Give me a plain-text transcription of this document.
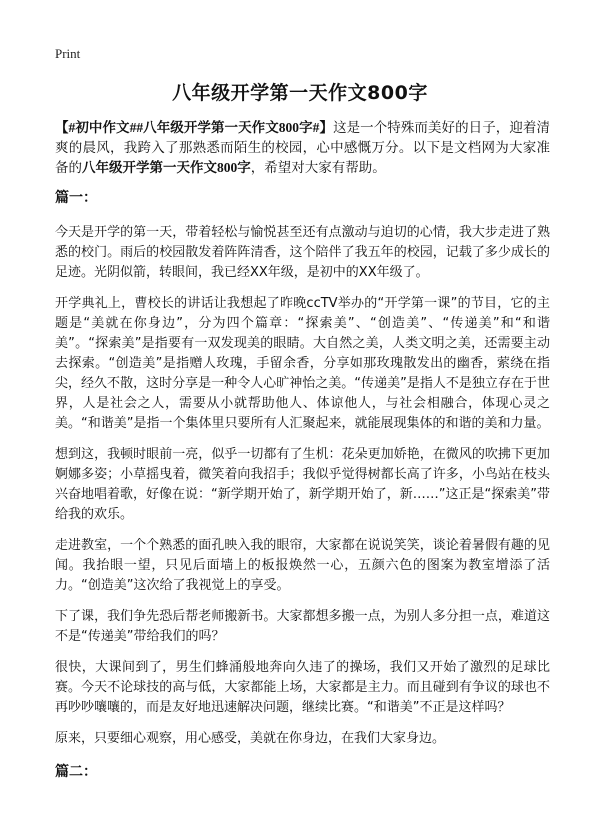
Print
八年级开学第一天作文800字

【#初中作文##八年级开学第一天作文800字#】这是一个特殊而美好的日子，迎着清爽的晨风，我跨入了那熟悉而陌生的校园，心中感慨万分。以下是文档网为大家准备的八年级开学第一天作文800字，希望对大家有帮助。

篇一：

今天是开学的第一天，带着轻松与愉悦甚至还有点激动与迫切的心情，我大步走进了熟悉的校门。雨后的校园散发着阵阵清香，这个陪伴了我五年的校园，记载了多少成长的足迹。光阴似箭，转眼间，我已经XX年级，是初中的XX年级了。

开学典礼上，曹校长的讲话让我想起了昨晚ccTV举办的“开学第一课”的节目，它的主题是“美就在你身边”，分为四个篇章：“探索美”、“创造美”、“传递美”和“和谐美”。“探索美”是指要有一双发现美的眼睛。大自然之美，人类文明之美，还需要主动去探索。“创造美”是指赠人玫瑰，手留余香，分享如那玫瑰散发出的幽香，萦绕在指尖，经久不散，这时分享是一种令人心旷神怡之美。“传递美”是指人不是独立存在于世界，人是社会之人，需要从小就帮助他人、体谅他人，与社会相融合，体现心灵之美。“和谐美”是指一个集体里只要所有人汇聚起来，就能展现集体的和谐的美和力量。

想到这，我顿时眼前一亮，似乎一切都有了生机：花朵更加娇艳，在微风的吹拂下更加婀娜多姿；小草摇曳着，微笑着向我招手；我似乎觉得树都长高了许多，小鸟站在枝头兴奋地唱着歌，好像在说：“新学期开始了，新学期开始了，新……”这正是“探索美”带给我的欢乐。

走进教室，一个个熟悉的面孔映入我的眼帘，大家都在说说笑笑，谈论着暑假有趣的见闻。我抬眼一望，只见后面墙上的板报焕然一心，五颜六色的图案为教室增添了活力。“创造美”这次给了我视觉上的享受。

下了课，我们争先恐后帮老师搬新书。大家都想多搬一点，为别人多分担一点，难道这不是“传递美”带给我们的吗？

很快，大课间到了，男生们蜂涌般地奔向久违了的操场，我们又开始了激烈的足球比赛。今天不论球技的高与低，大家都能上场，大家都是主力。而且碰到有争议的球也不再吵吵嚷嚷的，而是友好地迅速解决问题，继续比赛。“和谐美”不正是这样吗？

原来，只要细心观察，用心感受，美就在你身边，在我们大家身边。

篇二：
